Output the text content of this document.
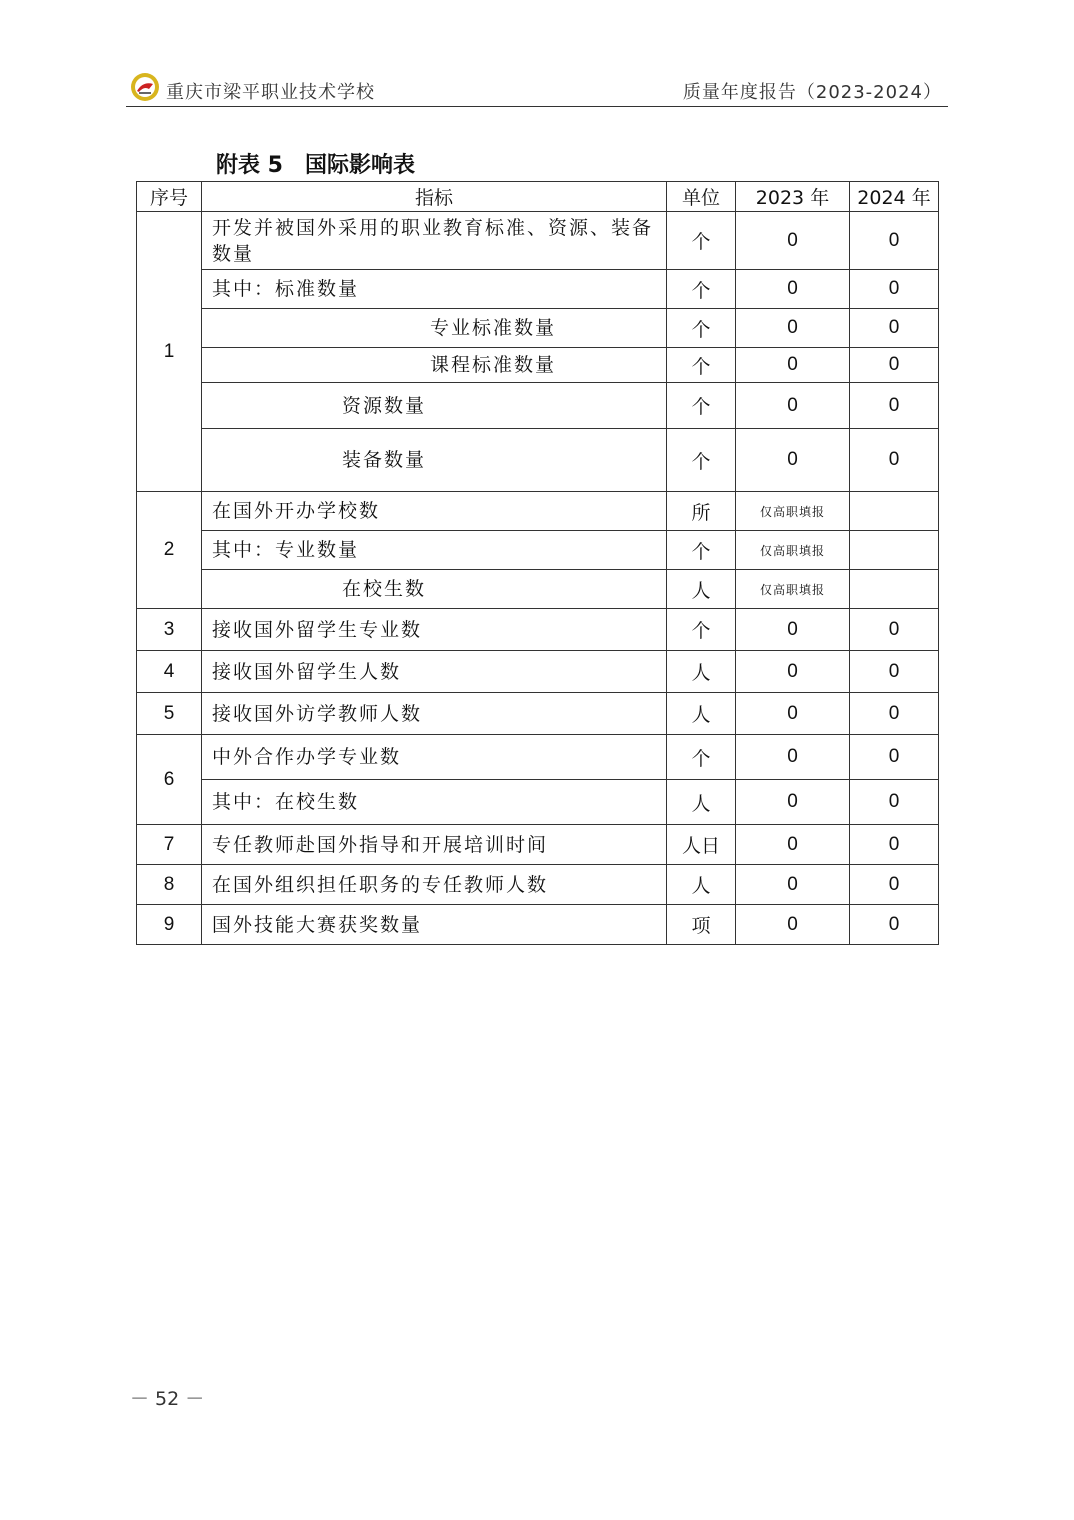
重庆市梁平职业技术学校	质量年度报告（2023-2024）
附表 5　国际影响表
序号	指标	单位	2023 年	2024 年
1	开发并被国外采用的职业教育标准、资源、装备数量	个	0	0
	其中：标准数量	个	0	0
	专业标准数量	个	0	0
	课程标准数量	个	0	0
	资源数量	个	0	0
	装备数量	个	0	0
2	在国外开办学校数	所	仅高职填报	
	其中：专业数量	个	仅高职填报	
	在校生数	人	仅高职填报	
3	接收国外留学生专业数	个	0	0
4	接收国外留学生人数	人	0	0
5	接收国外访学教师人数	人	0	0
6	中外合作办学专业数	个	0	0
	其中：在校生数	人	0	0
7	专任教师赴国外指导和开展培训时间	人日	0	0
8	在国外组织担任职务的专任教师人数	人	0	0
9	国外技能大赛获奖数量	项	0	0
－ 52 －
